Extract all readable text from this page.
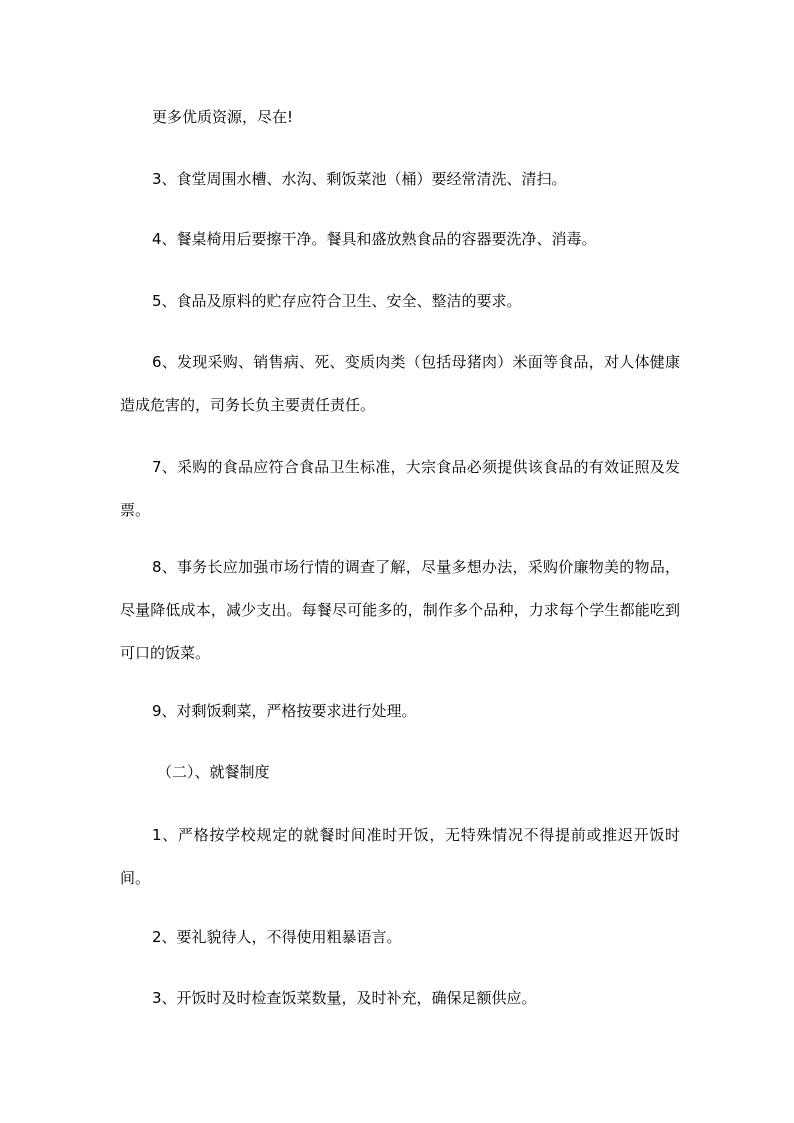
更多优质资源，尽在!

3、食堂周围水槽、水沟、剩饭菜池（桶）要经常清洗、清扫。

4、餐桌椅用后要擦干净。餐具和盛放熟食品的容器要洗净、消毒。

5、食品及原料的贮存应符合卫生、安全、整洁的要求。

6、发现采购、销售病、死、变质肉类（包括母猪肉）米面等食品，对人体健康造成危害的，司务长负主要责任责任。

7、采购的食品应符合食品卫生标准，大宗食品必须提供该食品的有效证照及发票。

8、事务长应加强市场行情的调查了解，尽量多想办法，采购价廉物美的物品，尽量降低成本，减少支出。每餐尽可能多的，制作多个品种，力求每个学生都能吃到可口的饭菜。

9、对剩饭剩菜，严格按要求进行处理。

（二）、就餐制度

1、严格按学校规定的就餐时间准时开饭，无特殊情况不得提前或推迟开饭时间。

2、要礼貌待人，不得使用粗暴语言。

3、开饭时及时检查饭菜数量，及时补充，确保足额供应。
